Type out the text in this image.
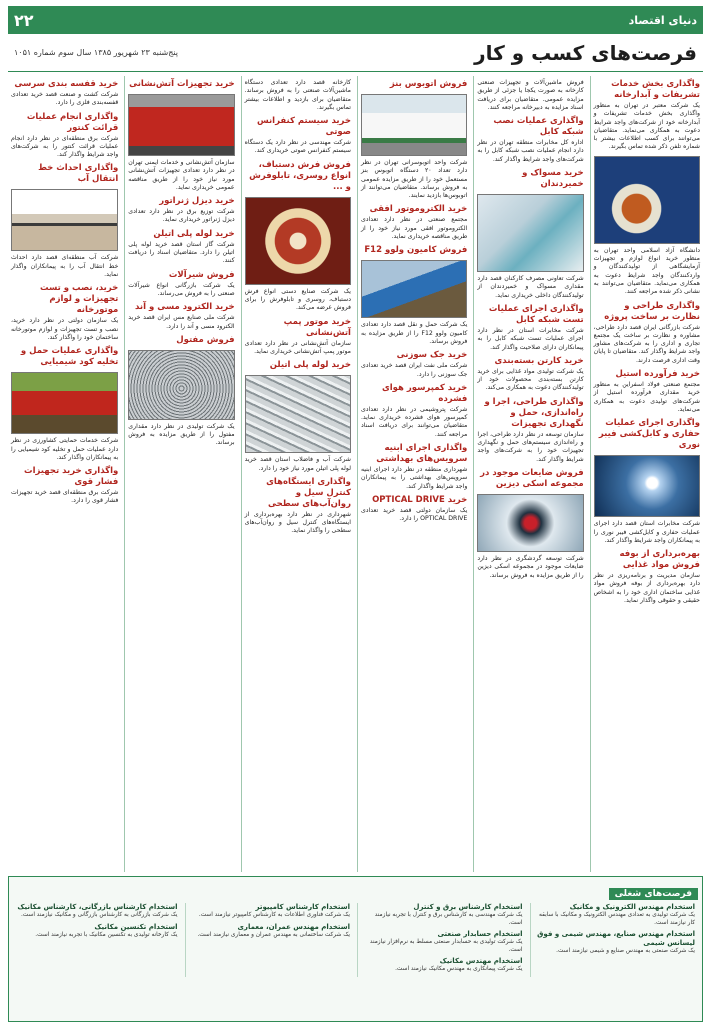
دنیای اقتصاد
۲۲
فرصت‌های کسب و کار
پنج‌شنبه ۲۳ شهریور ۱۳۸۵ سال سوم شماره ۱۰۵۱
واگذاری بخش خدمات تشریفات و آبدارخانه

یک شرکت معتبر در تهران به منظور واگذاری بخش خدمات تشریفات و آبدارخانه خود از شرکت‌های واجد شرایط دعوت به همکاری می‌نماید. متقاضیان می‌توانند برای کسب اطلاعات بیشتر با شماره تلفن ذکر شده تماس بگیرند.

دانشگاه آزاد اسلامی واحد تهران به منظور خرید انواع لوازم و تجهیزات آزمایشگاهی از تولیدکنندگان و واردکنندگان واجد شرایط دعوت به همکاری می‌نماید. متقاضیان می‌توانند به نشانی ذکر شده مراجعه کنند.

واگذاری طراحی و نظارت بر ساخت پروژه

شرکت بازرگانی ایران قصد دارد طراحی، مشاوره و نظارت بر ساخت یک مجتمع تجاری و اداری را به شرکت‌های مشاور واجد شرایط واگذار کند. متقاضیان تا پایان وقت اداری فرصت دارند.

خرید فرآورده استیل

مجتمع صنعتی فولاد اسفراین به منظور خرید مقداری فرآورده استیل از شرکت‌های تولیدی دعوت به همکاری می‌نماید.

واگذاری اجرای عملیات حفاری و کابل‌کشی فیبر نوری

شرکت مخابرات استان قصد دارد اجرای عملیات حفاری و کابل‌کشی فیبر نوری را به پیمانکاران واجد شرایط واگذار کند.

بهره‌برداری از بوفه فروش مواد غذایی

سازمان مدیریت و برنامه‌ریزی در نظر دارد بهره‌برداری از بوفه فروش مواد غذایی ساختمان اداری خود را به اشخاص حقیقی و حقوقی واگذار نماید.

فروش ماشین‌آلات و تجهیزات صنعتی کارخانه به صورت یکجا یا جزئی از طریق مزایده عمومی. متقاضیان برای دریافت اسناد مزایده به دبیرخانه مراجعه کنند.

واگذاری عملیات نصب شبکه کابل

اداره کل مخابرات منطقه تهران در نظر دارد انجام عملیات نصب شبکه کابل را به شرکت‌های واجد شرایط واگذار کند.

خرید مسواک و خمیردندان

شرکت تعاونی مصرف کارکنان قصد دارد مقداری مسواک و خمیردندان از تولیدکنندگان داخلی خریداری نماید.

واگذاری اجرای عملیات تست شبکه کابل

شرکت مخابرات استان در نظر دارد اجرای عملیات تست شبکه کابل را به پیمانکاران دارای صلاحیت واگذار کند.

خرید کارتن بسته‌بندی

یک شرکت تولیدی مواد غذایی برای خرید کارتن بسته‌بندی محصولات خود از تولیدکنندگان دعوت به همکاری می‌کند.

واگذاری طراحی، اجرا و راه‌اندازی، حمل و نگهداری تجهیزات

سازمان توسعه در نظر دارد طراحی، اجرا و راه‌اندازی سیستم‌های حمل و نگهداری تجهیزات خود را به شرکت‌های واجد شرایط واگذار کند.

فروش ضایعات موجود در مجموعه اسکی دیزین

شرکت توسعه گردشگری در نظر دارد ضایعات موجود در مجموعه اسکی دیزین را از طریق مزایده به فروش برساند.

فروش اتوبوس بنز

شرکت واحد اتوبوسرانی تهران در نظر دارد تعداد ۲۰ دستگاه اتوبوس بنز مستعمل خود را از طریق مزایده عمومی به فروش برساند. متقاضیان می‌توانند از اتوبوس‌ها بازدید نمایند.

خرید الکتروموتور افقی

مجتمع صنعتی در نظر دارد تعدادی الکتروموتور افقی مورد نیاز خود را از طریق مناقصه خریداری نماید.

فروش کامیون ولوو F12

یک شرکت حمل و نقل قصد دارد تعدادی کامیون ولوو F12 را از طریق مزایده به فروش برساند.

خرید جک سوزنی

شرکت ملی نفت ایران قصد خرید تعدادی جک سوزنی را دارد.

خرید کمپرسور هوای فشرده

شرکت پتروشیمی در نظر دارد تعدادی کمپرسور هوای فشرده خریداری نماید. متقاضیان می‌توانند برای دریافت اسناد مراجعه کنند.

واگذاری اجرای ابنیه سرویس‌های بهداشتی

شهرداری منطقه در نظر دارد اجرای ابنیه سرویس‌های بهداشتی را به پیمانکاران واجد شرایط واگذار کند.

خرید OPTICAL DRIVE

یک سازمان دولتی قصد خرید تعدادی OPTICAL DRIVE را دارد.

کارخانه قصد دارد تعدادی دستگاه ماشین‌آلات صنعتی را به فروش برساند. متقاضیان برای بازدید و اطلاعات بیشتر تماس بگیرند.

خرید سیستم کنفرانس صوتی

شرکت مهندسی در نظر دارد یک دستگاه سیستم کنفرانس صوتی خریداری کند.

فروش فرش دستباف، انواع روسری، تابلوفرش و ...

یک شرکت صنایع دستی انواع فرش دستباف، روسری و تابلوفرش را برای فروش عرضه می‌کند.

خرید موتور پمپ آتش‌نشانی

سازمان آتش‌نشانی در نظر دارد تعدادی موتور پمپ آتش‌نشانی خریداری نماید.

خرید لوله پلی اتیلن

شرکت آب و فاضلاب استان قصد خرید لوله پلی اتیلن مورد نیاز خود را دارد.

واگذاری ایستگاه‌های کنترل سیل و روان‌آب‌های سطحی

شهرداری در نظر دارد بهره‌برداری از ایستگاه‌های کنترل سیل و روان‌آب‌های سطحی را واگذار نماید.

خرید تجهیزات آتش‌نشانی

سازمان آتش‌نشانی و خدمات ایمنی تهران در نظر دارد تعدادی تجهیزات آتش‌نشانی مورد نیاز خود را از طریق مناقصه عمومی خریداری نماید.

خرید دیزل ژنراتور

شرکت توزیع برق در نظر دارد تعدادی دیزل ژنراتور خریداری نماید.

خرید لوله پلی اتیلن

شرکت گاز استان قصد خرید لوله پلی اتیلن را دارد. متقاضیان اسناد را دریافت کنند.

فروش شیرآلات

یک شرکت بازرگانی انواع شیرآلات صنعتی را به فروش می‌رساند.

خرید الکترود مسی و آند

شرکت ملی صنایع مس ایران قصد خرید الکترود مسی و آند را دارد.

فروش مفتول

یک شرکت تولیدی در نظر دارد مقداری مفتول را از طریق مزایده به فروش برساند.

خرید قفسه بندی سرسی

شرکت کشت و صنعت قصد خرید تعدادی قفسه‌بندی فلزی را دارد.

واگذاری انجام عملیات قرائت کنتور

شرکت برق منطقه‌ای در نظر دارد انجام عملیات قرائت کنتور را به شرکت‌های واجد شرایط واگذار کند.

واگذاری احداث خط انتقال آب

شرکت آب منطقه‌ای قصد دارد احداث خط انتقال آب را به پیمانکاران واگذار نماید.

خرید، نصب و تست تجهیزات و لوازم موتورخانه

یک سازمان دولتی در نظر دارد خرید، نصب و تست تجهیزات و لوازم موتورخانه ساختمان خود را واگذار کند.

واگذاری عملیات حمل و تخلیه کود شیمیایی

شرکت خدمات حمایتی کشاورزی در نظر دارد عملیات حمل و تخلیه کود شیمیایی را به پیمانکاران واگذار کند.

واگذاری خرید تجهیزات فشار قوی

شرکت برق منطقه‌ای قصد خرید تجهیزات فشار قوی را دارد.

فرصت‌های شغلی
استخدام مهندس الکترونیک و مکانیک

یک شرکت تولیدی به تعدادی مهندس الکترونیک و مکانیک با سابقه کار نیازمند است.

استخدام مهندس صنایع، مهندس شیمی و فوق لیسانس شیمی

یک شرکت صنعتی به مهندس صنایع و شیمی نیازمند است.

استخدام کارشناس برق و کنترل

یک شرکت مهندسی به کارشناس برق و کنترل با تجربه نیازمند است.

استخدام حسابدار صنعتی

یک شرکت تولیدی به حسابدار صنعتی مسلط به نرم‌افزار نیازمند است.

استخدام مهندس مکانیک

یک شرکت پیمانکاری به مهندس مکانیک نیازمند است.

استخدام کارشناس کامپیوتر

یک شرکت فناوری اطلاعات به کارشناس کامپیوتر نیازمند است.

استخدام مهندس عمران، معماری

یک شرکت ساختمانی به مهندس عمران و معماری نیازمند است.

استخدام کارشناس بازرگانی، کارشناس مکانیک

یک شرکت بازرگانی به کارشناس بازرگانی و مکانیک نیازمند است.

استخدام تکنسین مکانیک

یک کارخانه تولیدی به تکنسین مکانیک با تجربه نیازمند است.
